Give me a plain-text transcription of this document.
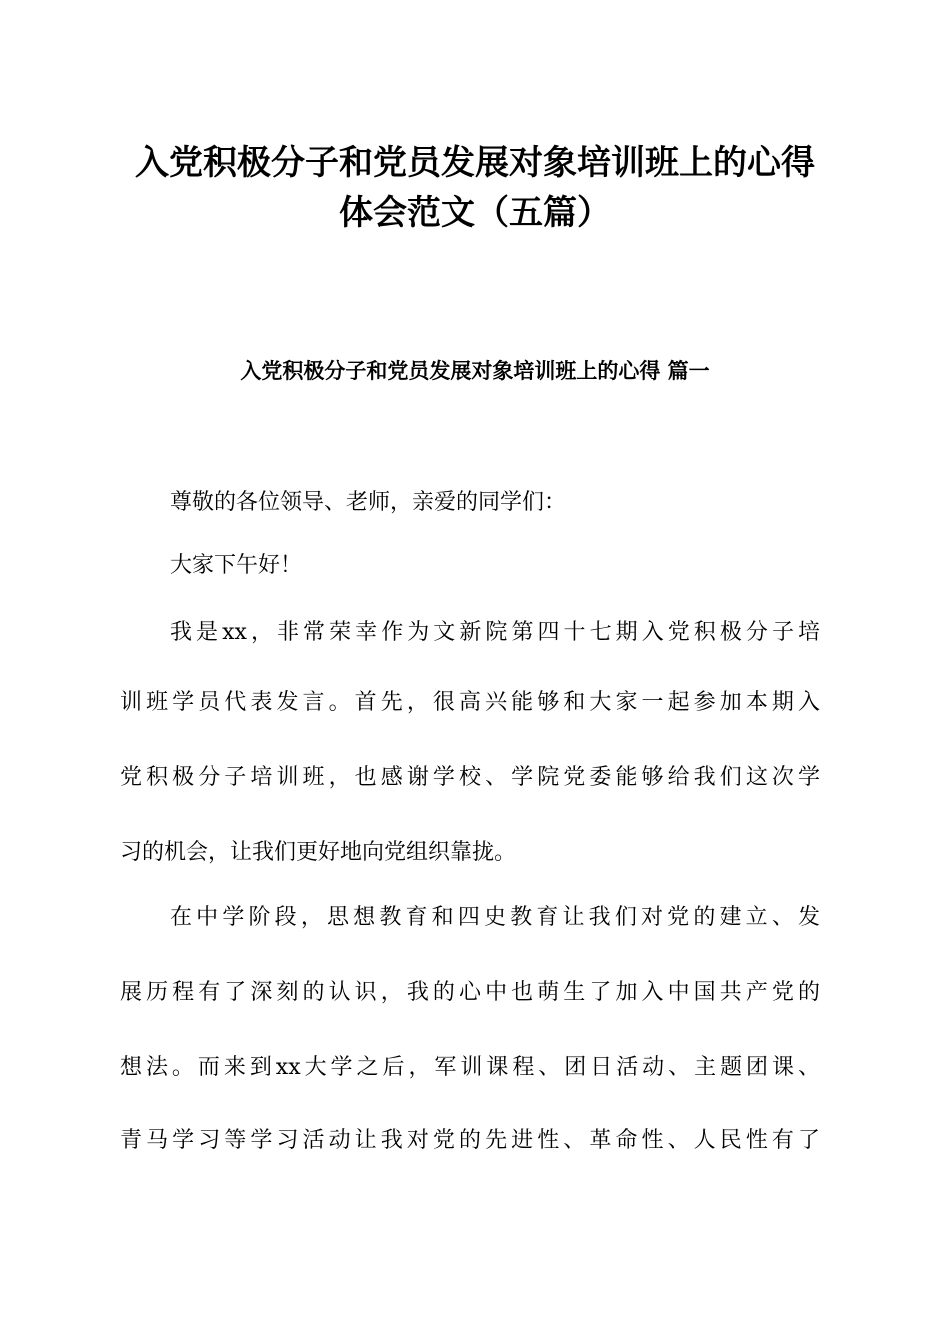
入党积极分子和党员发展对象培训班上的心得
体会范文（五篇）
入党积极分子和党员发展对象培训班上的心得 篇一
尊敬的各位领导、老师，亲爱的同学们：
大家下午好！
我是xx，非常荣幸作为文新院第四十七期入党积极分子培
训班学员代表发言。首先，很高兴能够和大家一起参加本期入
党积极分子培训班，也感谢学校、学院党委能够给我们这次学
习的机会，让我们更好地向党组织靠拢。
在中学阶段，思想教育和四史教育让我们对党的建立、发
展历程有了深刻的认识，我的心中也萌生了加入中国共产党的
想法。而来到xx大学之后，军训课程、团日活动、主题团课、
青马学习等学习活动让我对党的先进性、革命性、人民性有了
